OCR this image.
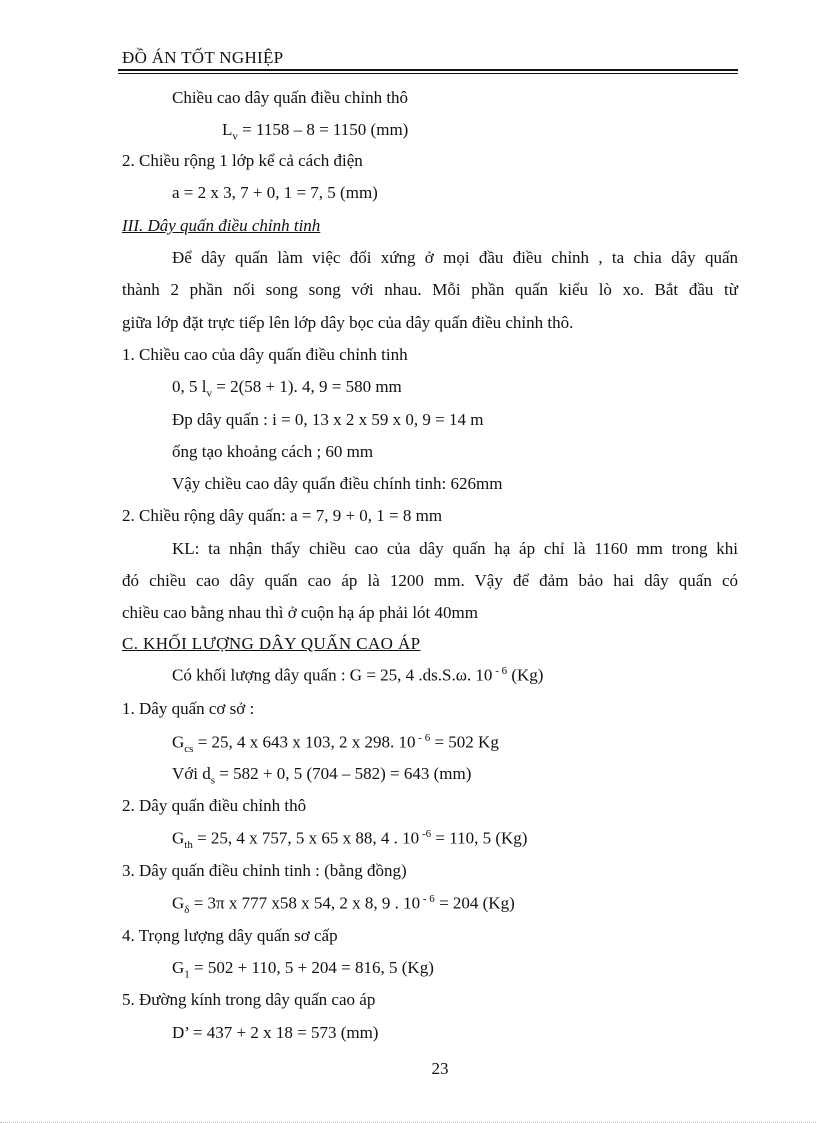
ĐỒ ÁN TỐT NGHIỆP
Chiều cao dây quấn điều chỉnh thô
$L_v = 1158 - 8 = 1150$ (mm)
2. Chiều rộng 1 lớp kể cả cách điện
a = 2 x 3, 7 + 0, 1 = 7, 5 (mm)
III. Dây quấn điều chỉnh tinh
Để dây quấn làm việc đối xứng ở mọi đầu điều chỉnh , ta chia dây quấn
thành 2 phần nối song song với nhau. Mỗi phần quấn kiểu lò xo. Bắt đầu từ
giữa lớp đặt trực tiếp lên lớp dây bọc của dây quấn điều chỉnh thô.
1. Chiều cao của dây quấn điều chỉnh tinh
0, 5 $l_v = 2(58 + 1)$. 4, 9 = 580 mm
Đp dây quấn : i = 0, 13 x 2 x 59 x 0, 9 = 14 m
ống tạo khoảng cách ; 60 mm
Vậy chiều cao dây quấn điều chính tinh: 626mm
2. Chiều rộng dây quấn: a = 7, 9 + 0, 1 = 8 mm
KL: ta nhận thấy chiều cao của dây quấn hạ áp chỉ là 1160 mm trong khi
đó chiều cao dây quấn cao áp là 1200 mm. Vậy để đảm bảo hai dây quấn có
chiều cao bằng nhau thì ở cuộn hạ áp phải lót 40mm
C. KHỐI LƯỢNG DÂY QUẤN CAO ÁP
Có khối lượng dây quấn : G = 25, 4 .ds.S.ω. 10 $^{- 6}$ (Kg)
1. Dây quấn cơ sở :
$G_{cs} = 25$, 4 x 643 x 103, 2 x 298. 10 $^{- 6}$ = 502 Kg
Với $d_s = 582 + 0$, 5 (704 – 582) = 643 (mm)
2. Dây quấn điều chỉnh thô
$G_{th} = 25$, 4 x 757, 5 x 65 x 88, 4 . 10 $^{-6}$ = 110, 5 (Kg)
3. Dây quấn điều chỉnh tinh : (bằng đồng)
$G_\delta = 3\pi$ x 777 x58 x 54, 2 x 8, 9 . 10 $^{- 6}$ = 204 (Kg)
4. Trọng lượng dây quấn sơ cấp
$G_1 = 502 + 110$, 5 + 204 = 816, 5 (Kg)
5. Đường kính trong dây quấn cao áp
D’ = 437 + 2 x 18 = 573 (mm)
23
